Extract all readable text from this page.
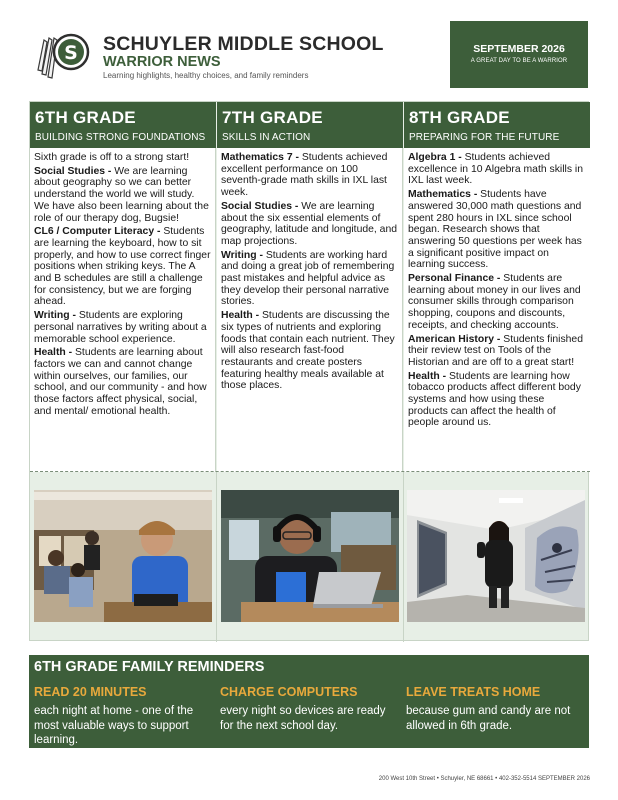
S SCHUYLER MIDDLE SCHOOL
WARRIOR NEWS
Learning highlights, healthy choices, and family reminders
SEPTEMBER 2026
A GREAT DAY TO BE A WARRIOR
6TH GRADE
BUILDING STRONG FOUNDATIONS

Sixth grade is off to a strong start!

Social Studies - We are learning about geography so we can better understand the world we will study. We have also been learning about the role of our therapy dog, Bugsie!

CL6 / Computer Literacy - Students are learning the keyboard, how to sit properly, and how to use correct finger positions when striking keys. The A and B schedules are still a challenge for consistency, but we are forging ahead.

Writing - Students are exploring personal narratives by writing about a memorable school experience.

Health - Students are learning about factors we can and cannot change within ourselves, our families, our school, and our community - and how those factors affect physical, social, and mental/ emotional health.

7TH GRADE
SKILLS IN ACTION

Mathematics 7 - Students achieved excellent performance on 100 seventh-grade math skills in IXL last week.

Social Studies - We are learning about the six essential elements of geography, latitude and longitude, and map projections.

Writing - Students are working hard and doing a great job of remembering past mistakes and helpful advice as they develop their personal narrative stories.

Health - Students are discussing the six types of nutrients and exploring foods that contain each nutrient. They will also research fast-food restaurants and create posters featuring healthy meals available at those places.

8TH GRADE
PREPARING FOR THE FUTURE

Algebra 1 - Students achieved excellence in 10 Algebra math skills in IXL last week.

Mathematics - Students have answered 30,000 math questions and spent 280 hours in IXL since school began. Research shows that answering 50 questions per week has a significant positive impact on learning success.

Personal Finance - Students are learning about money in our lives and consumer skills through comparison shopping, coupons and discounts, receipts, and checking accounts.

American History - Students finished their review test on Tools of the Historian and are off to a great start!

Health - Students are learning how tobacco products affect different body systems and how using these products can affect the health of people around us.

6TH GRADE FAMILY REMINDERS
READ 20 MINUTES
each night at home - one of the most valuable ways to support learning.
CHARGE COMPUTERS
every night so devices are ready for the next school day.
LEAVE TREATS HOME
because gum and candy are not allowed in 6th grade.
200 West 10th Street • Schuyler, NE 68661 • 402-352-5514 SEPTEMBER 2026
